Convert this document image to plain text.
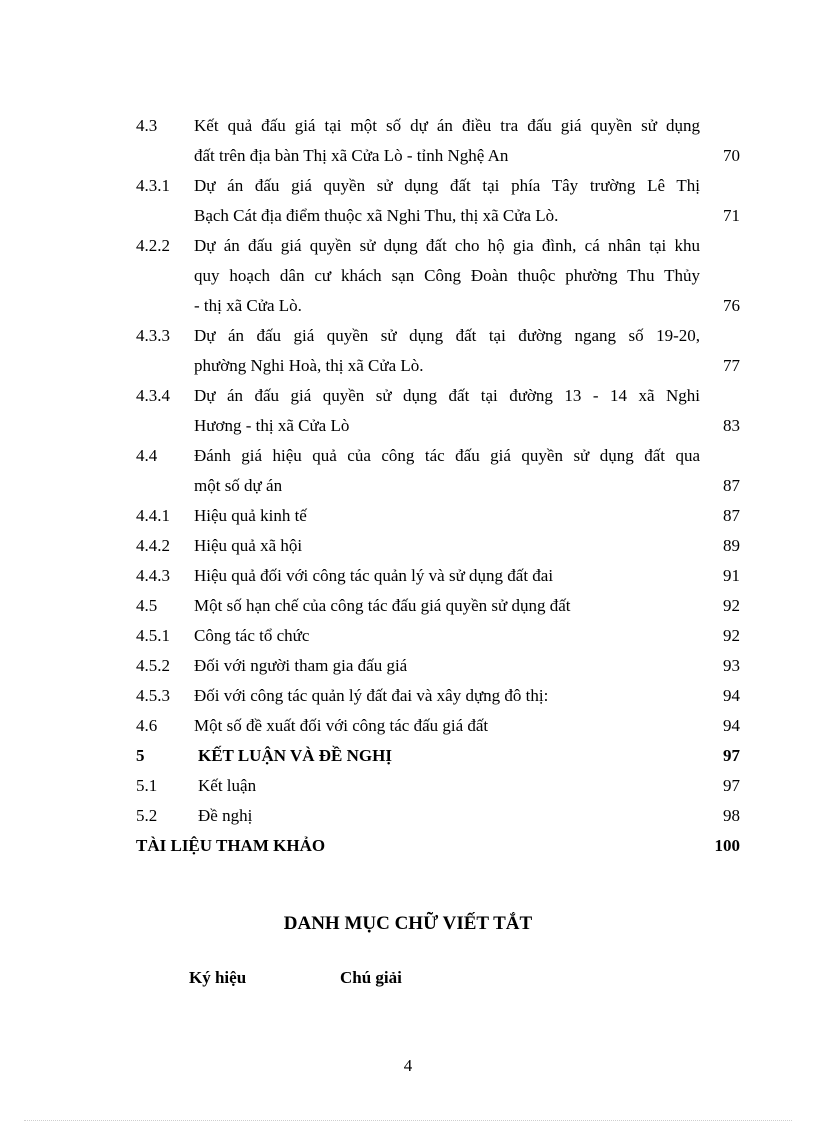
4.3	Kết quả đấu giá tại một số dự án điều tra đấu giá quyền sử dụng
đất trên địa bàn Thị xã Cửa Lò - tỉnh Nghệ An	70
4.3.1	Dự án đấu giá quyền sử dụng đất tại phía Tây trường Lê Thị
Bạch Cát địa điểm thuộc xã Nghi Thu, thị xã Cửa Lò.	71
4.2.2	Dự án đấu giá quyền sử dụng đất cho hộ gia đình, cá nhân tại khu
quy hoạch dân cư khách sạn Công Đoàn thuộc phường Thu Thủy
- thị xã Cửa Lò.	76
4.3.3	Dự án đấu giá quyền sử dụng đất tại đường ngang số 19-20,
phường Nghi Hoà, thị xã Cửa Lò.	77
4.3.4	Dự án đấu giá quyền sử dụng đất tại đường 13 - 14 xã Nghi
Hương - thị xã Cửa Lò	83
4.4	Đánh giá hiệu quả của công tác đấu giá quyền sử dụng đất qua
một số dự án	87
4.4.1	Hiệu quả kinh tế	87
4.4.2	Hiệu quả xã hội	89
4.4.3	Hiệu quả đối với công tác quản lý và sử dụng đất đai	91
4.5	Một số hạn chế của công tác đấu giá quyền sử dụng đất	92
4.5.1	Công tác tổ chức	92
4.5.2	Đối với người tham gia đấu giá	93
4.5.3	Đối với công tác quản lý đất đai và xây dựng đô thị:	94
4.6	Một số đề xuất đối với công tác đấu giá đất	94
5	KẾT LUẬN VÀ ĐỀ NGHỊ	97
5.1	Kết luận	97
5.2	Đề nghị	98
TÀI LIỆU THAM KHẢO	100
DANH MỤC CHỮ VIẾT TẮT
Ký hiệu	Chú giải
4
